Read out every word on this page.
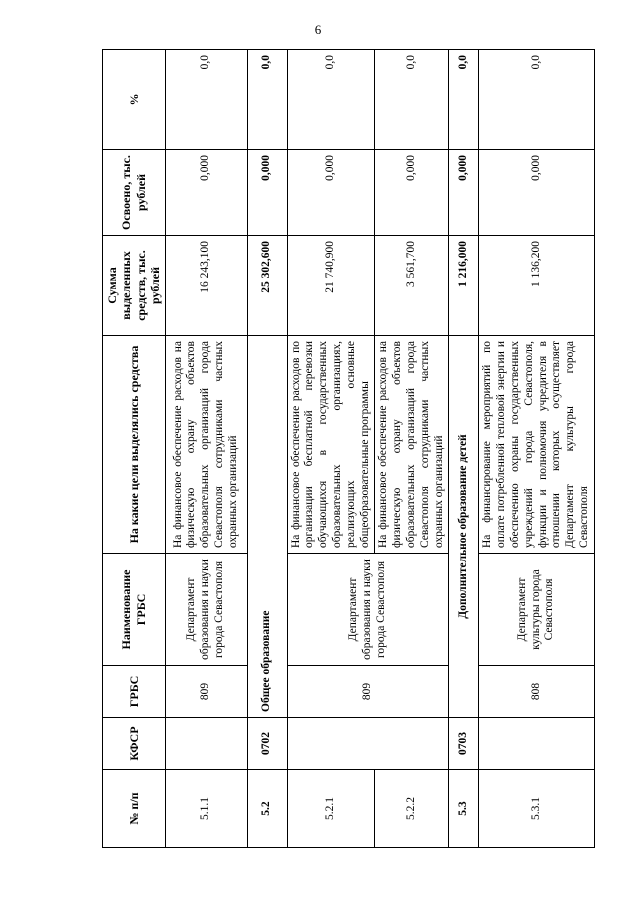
6
№ п/п	КФСР	ГРБС	Наименование ГРБС	На какие цели выделялись средства	Сумма выделенных средств, тыс. рублей	Освоено, тыс. рублей	%
5.1.1		809	Департамент образования и науки города Севастополя	На финансовое обеспечение расходов на физическую охрану объектов образовательных организаций города Севастополя сотрудниками частных охранных организаций	16 243,100	0,000	0,0
5.2	0702	Общее образование			25 302,600	0,000	0,0
5.2.1		809	Департамент образования и науки города Севастополя	На финансовое обеспечение расходов по организации бесплатной перевозки обучающихся в государственных образовательных организациях, реализующих основные общеобразовательные программы	21 740,900	0,000	0,0
5.2.2				На финансовое обеспечение расходов на физическую охрану объектов образовательных организаций города Севастополя сотрудниками частных охранных организаций	3 561,700	0,000	0,0
5.3	0703	Дополнительное образование детей			1 216,000	0,000	0,0
5.3.1		808	Департамент культуры города Севастополя	На финансирование мероприятий по оплате потребленной тепловой энергии и обеспечению охраны государственных учреждений города Севастополя, функции и полномочия учредителя в отношении которых осуществляет Департамент культуры города Севастополя	1 136,200	0,000	0,0
